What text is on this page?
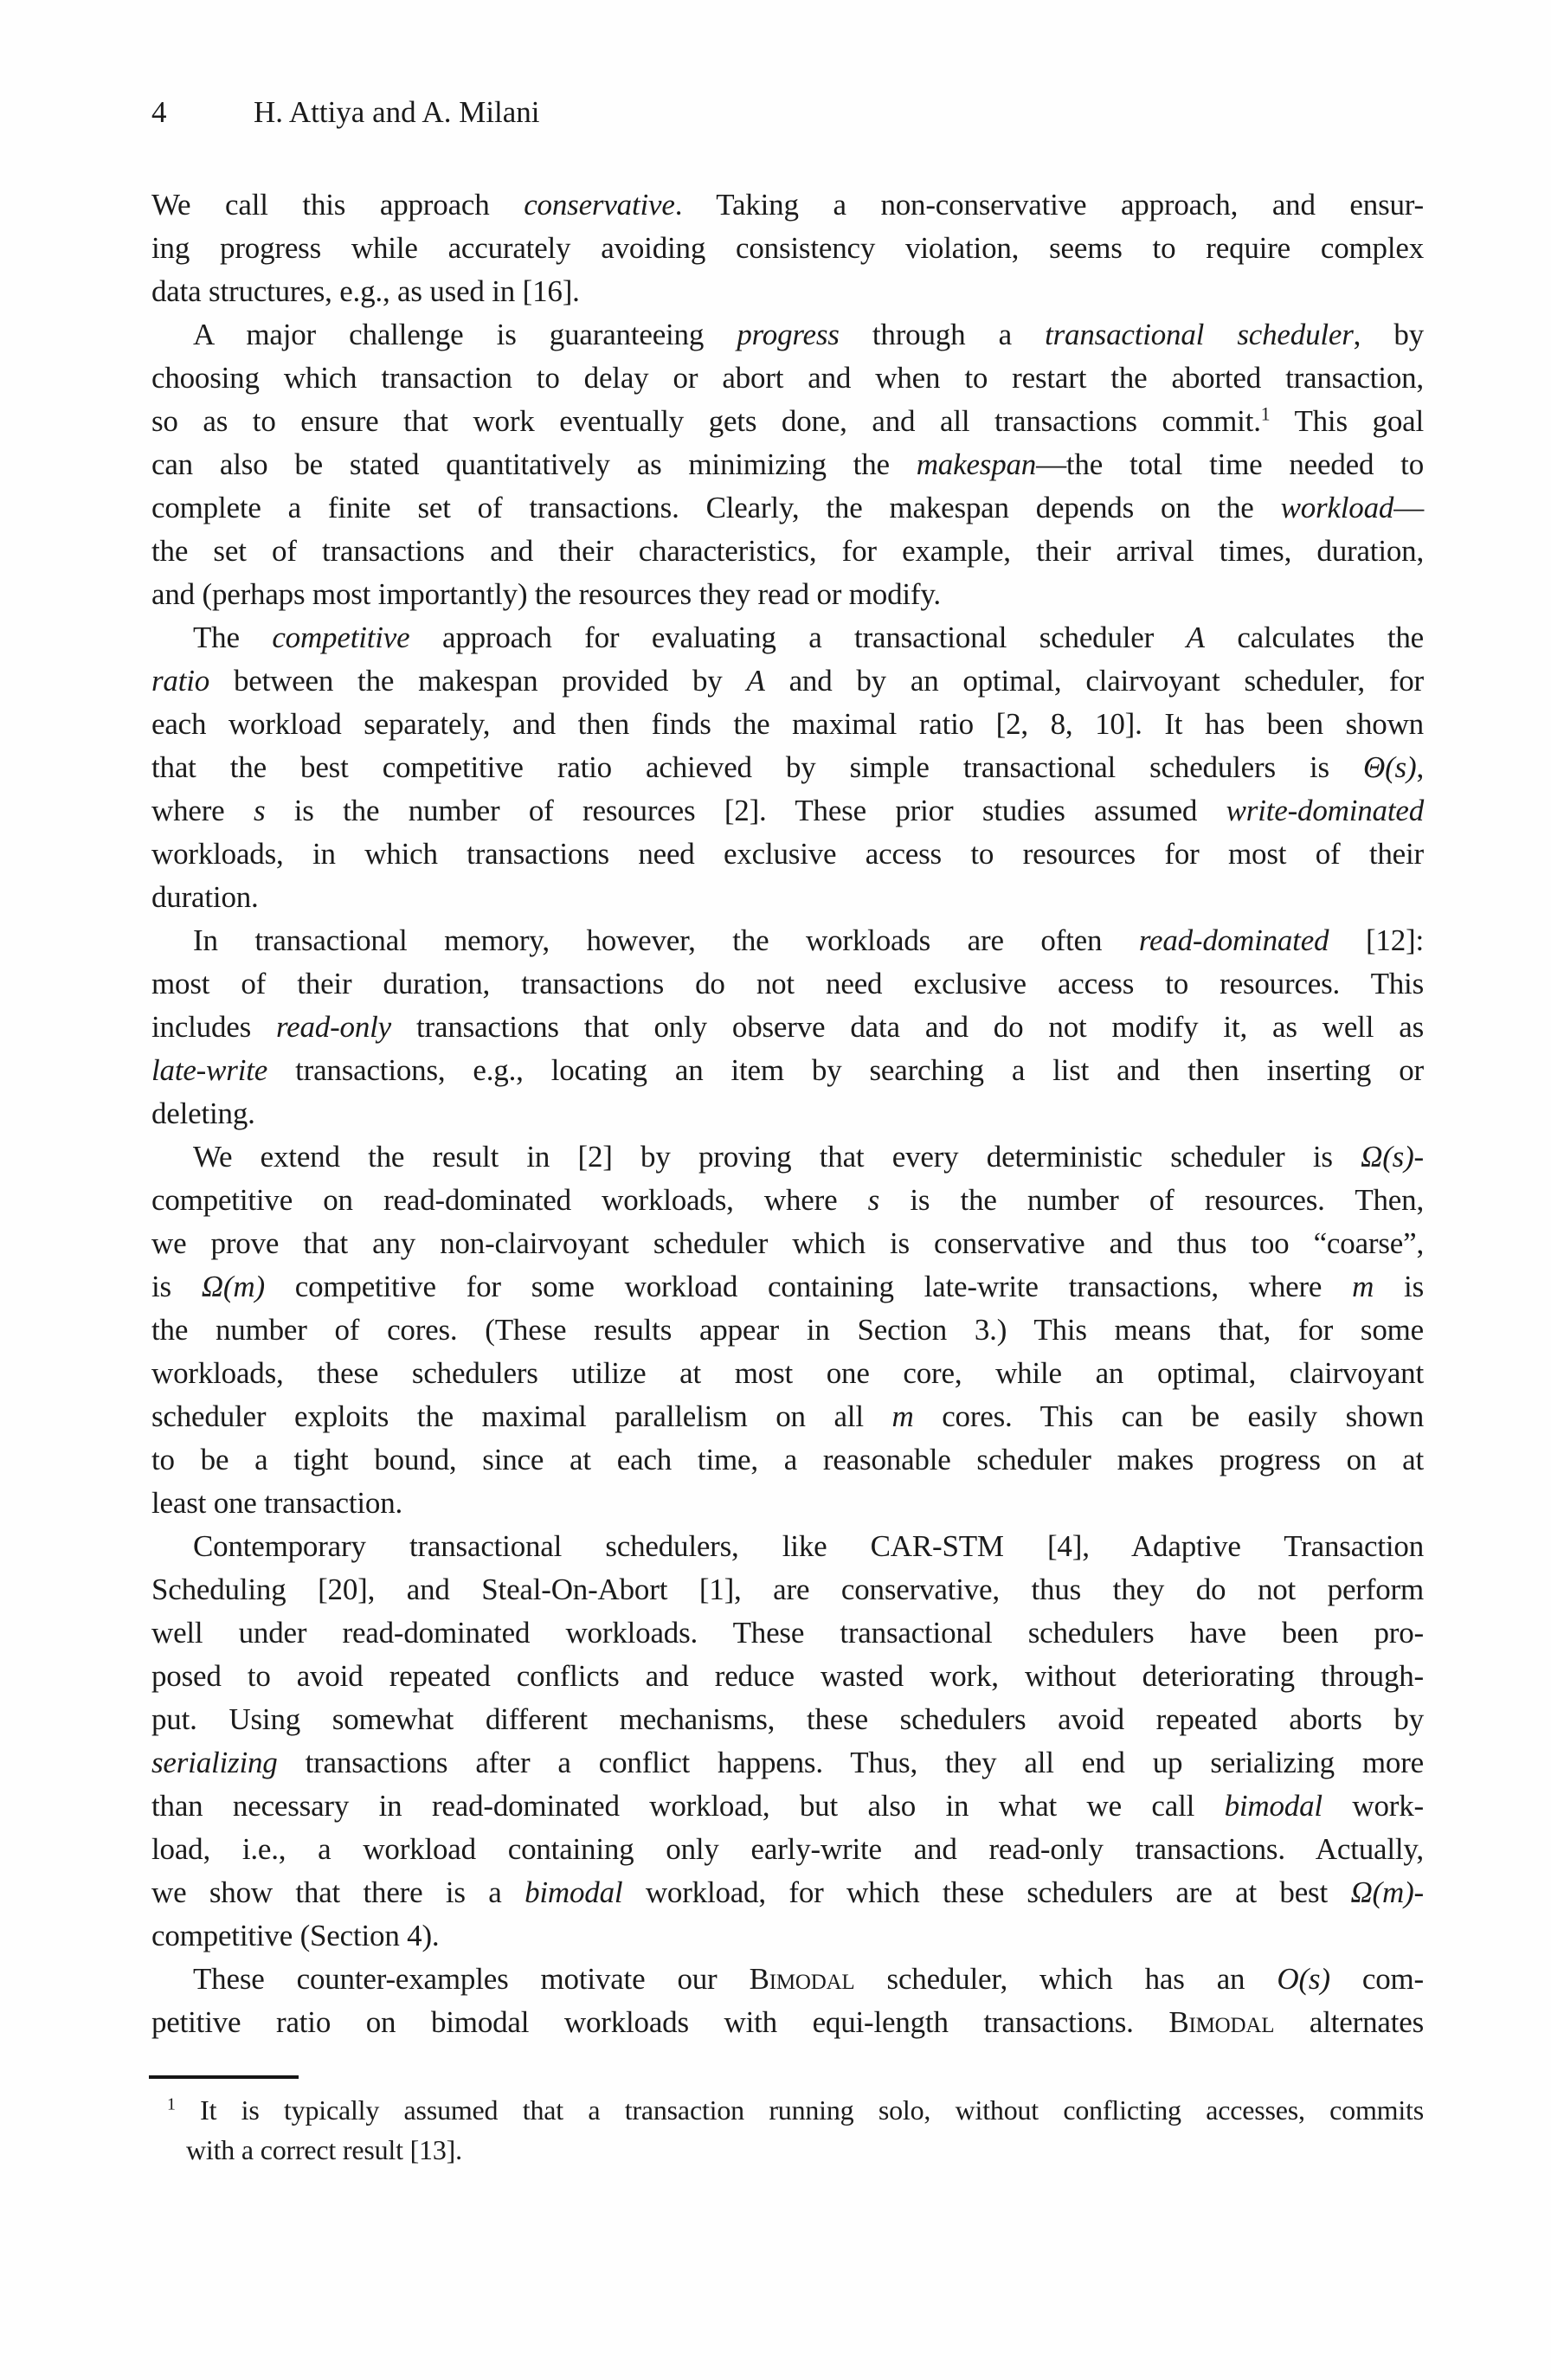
4	H. Attiya and A. Milani
We call this approach conservative. Taking a non-conservative approach, and ensur-
ing progress while accurately avoiding consistency violation, seems to require complex
data structures, e.g., as used in [16].
A major challenge is guaranteeing progress through a transactional scheduler, by
choosing which transaction to delay or abort and when to restart the aborted transaction,
so as to ensure that work eventually gets done, and all transactions commit.$^1$ This goal
can also be stated quantitatively as minimizing the makespan—the total time needed to
complete a finite set of transactions. Clearly, the makespan depends on the workload—
the set of transactions and their characteristics, for example, their arrival times, duration,
and (perhaps most importantly) the resources they read or modify.
The competitive approach for evaluating a transactional scheduler A calculates the
ratio between the makespan provided by A and by an optimal, clairvoyant scheduler, for
each workload separately, and then finds the maximal ratio [2, 8, 10]. It has been shown
that the best competitive ratio achieved by simple transactional schedulers is Θ(s),
where s is the number of resources [2]. These prior studies assumed write-dominated
workloads, in which transactions need exclusive access to resources for most of their
duration.
In transactional memory, however, the workloads are often read-dominated [12]:
most of their duration, transactions do not need exclusive access to resources. This
includes read-only transactions that only observe data and do not modify it, as well as
late-write transactions, e.g., locating an item by searching a list and then inserting or
deleting.
We extend the result in [2] by proving that every deterministic scheduler is Ω(s)-
competitive on read-dominated workloads, where s is the number of resources. Then,
we prove that any non-clairvoyant scheduler which is conservative and thus too “coarse”,
is Ω(m) competitive for some workload containing late-write transactions, where m is
the number of cores. (These results appear in Section 3.) This means that, for some
workloads, these schedulers utilize at most one core, while an optimal, clairvoyant
scheduler exploits the maximal parallelism on all m cores. This can be easily shown
to be a tight bound, since at each time, a reasonable scheduler makes progress on at
least one transaction.
Contemporary transactional schedulers, like CAR-STM [4], Adaptive Transaction
Scheduling [20], and Steal-On-Abort [1], are conservative, thus they do not perform
well under read-dominated workloads. These transactional schedulers have been pro-
posed to avoid repeated conflicts and reduce wasted work, without deteriorating through-
put. Using somewhat different mechanisms, these schedulers avoid repeated aborts by
serializing transactions after a conflict happens. Thus, they all end up serializing more
than necessary in read-dominated workload, but also in what we call bimodal work-
load, i.e., a workload containing only early-write and read-only transactions. Actually,
we show that there is a bimodal workload, for which these schedulers are at best Ω(m)-
competitive (Section 4).
These counter-examples motivate our Bimodal scheduler, which has an O(s) com-
petitive ratio on bimodal workloads with equi-length transactions. Bimodal alternates
$^1$ It is typically assumed that a transaction running solo, without conflicting accesses, commits
with a correct result [13].
